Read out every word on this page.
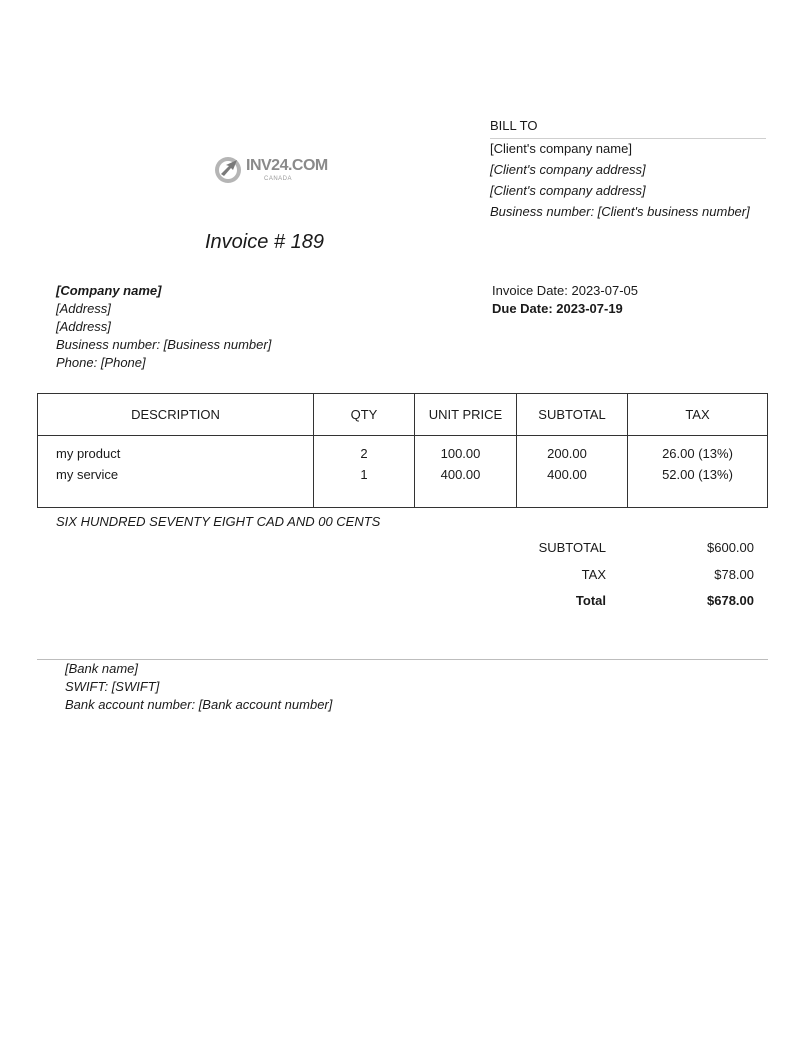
BILL TO
[Client's company name]
[Client's company address]
[Client's company address]
Business number: [Client's business number]
INV24.COM
CANADA
Invoice # 189
[Company name]
[Address]
[Address]
Business number: [Business number]
Phone: [Phone]
Invoice Date: 2023-07-05
Due Date: 2023-07-19
DESCRIPTION	QTY	UNIT PRICE	SUBTOTAL	TAX
my product	2	100.00	200.00	26.00 (13%)
my service	1	400.00	400.00	52.00 (13%)
SIX HUNDRED SEVENTY EIGHT CAD AND 00 CENTS
SUBTOTAL	$600.00
TAX	$78.00
Total	$678.00
[Bank name]
SWIFT: [SWIFT]
Bank account number: [Bank account number]
